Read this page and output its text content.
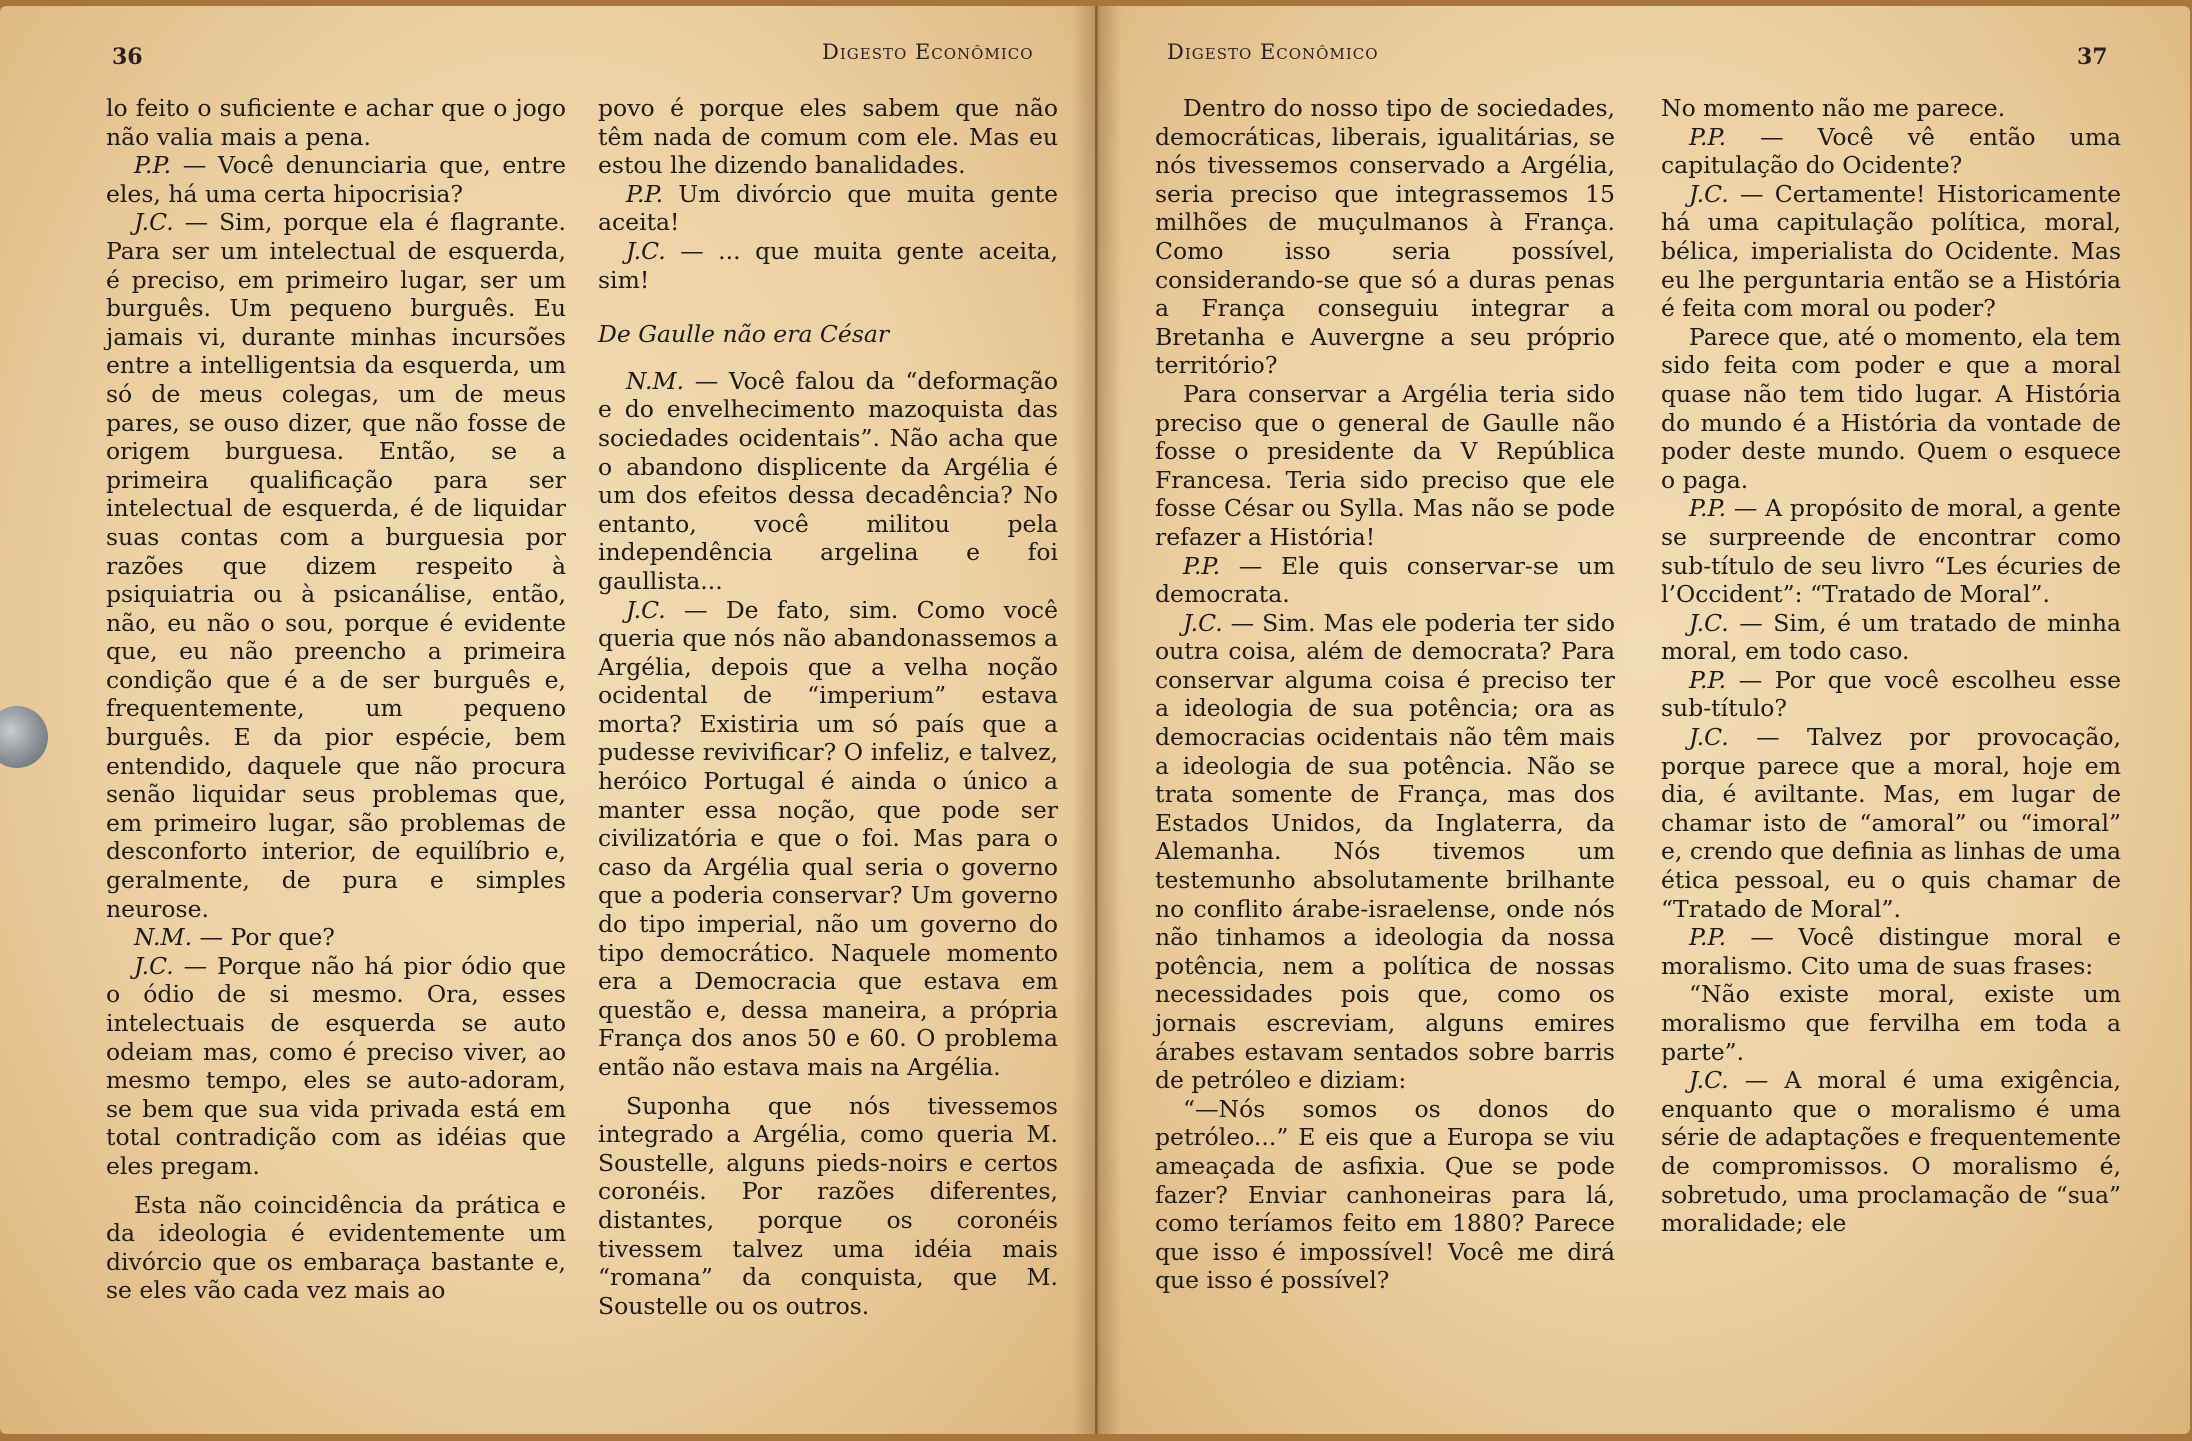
36	Digesto Econômico

lo feito o suficiente e achar que o jogo não valia mais a pena.

P.P. — Você denunciaria que, entre eles, há uma certa hipocrisia?

J.C. — Sim, porque ela é flagrante. Para ser um intelectual de esquerda, é preciso, em primeiro lugar, ser um burguês. Um pequeno burguês. Eu jamais vi, durante minhas incursões entre a intelligentsia da esquerda, um só de meus colegas, um de meus pares, se ouso dizer, que não fosse de origem burguesa. Então, se a primeira qualificação para ser intelectual de esquerda, é de liquidar suas contas com a burguesia por razões que dizem respeito à psiquiatria ou à psicanálise, então, não, eu não o sou, porque é evidente que, eu não preencho a primeira condição que é a de ser burguês e, frequentemente, um pequeno burguês. E da pior espécie, bem entendido, daquele que não procura senão liquidar seus problemas que, em primeiro lugar, são problemas de desconforto interior, de equilíbrio e, geralmente, de pura e simples neurose.

N.M. — Por que?

J.C. — Porque não há pior ódio que o ódio de si mesmo. Ora, esses intelectuais de esquerda se auto odeiam mas, como é preciso viver, ao mesmo tempo, eles se auto-adoram, se bem que sua vida privada está em total contradição com as idéias que eles pregam.

Esta não coincidência da prática e da ideologia é evidentemente um divórcio que os embaraça bastante e, se eles vão cada vez mais ao

povo é porque eles sabem que não têm nada de comum com ele. Mas eu estou lhe dizendo banalidades.

P.P. Um divórcio que muita gente aceita!

J.C. — ... que muita gente aceita, sim!

De Gaulle não era César

N.M. — Você falou da “deformação e do envelhecimento mazoquista das sociedades ocidentais”. Não acha que o abandono displicente da Argélia é um dos efeitos dessa decadência? No entanto, você militou pela independência argelina e foi gaullista...

J.C. — De fato, sim. Como você queria que nós não abandonassemos a Argélia, depois que a velha noção ocidental de “imperium” estava morta? Existiria um só país que a pudesse revivificar? O infeliz, e talvez, heróico Portugal é ainda o único a manter essa noção, que pode ser civilizatória e que o foi. Mas para o caso da Argélia qual seria o governo que a poderia conservar? Um governo do tipo imperial, não um governo do tipo democrático. Naquele momento era a Democracia que estava em questão e, dessa maneira, a própria França dos anos 50 e 60. O problema então não estava mais na Argélia.

Suponha que nós tivessemos integrado a Argélia, como queria M. Soustelle, alguns pieds-noirs e certos coronéis. Por razões diferentes, distantes, porque os coronéis tivessem talvez uma idéia mais “romana” da conquista, que M. Soustelle ou os outros.

37
Digesto Econômico

Dentro do nosso tipo de sociedades, democráticas, liberais, igualitárias, se nós tivessemos conservado a Argélia, seria preciso que integrassemos 15 milhões de muçulmanos à França. Como isso seria possível, considerando-se que só a duras penas a França conseguiu integrar a Bretanha e Auvergne a seu próprio território?

Para conservar a Argélia teria sido preciso que o general de Gaulle não fosse o presidente da V República Francesa. Teria sido preciso que ele fosse César ou Sylla. Mas não se pode refazer a História!

P.P. — Ele quis conservar-se um democrata.

J.C. — Sim. Mas ele poderia ter sido outra coisa, além de democrata? Para conservar alguma coisa é preciso ter a ideologia de sua potência; ora as democracias ocidentais não têm mais a ideologia de sua potência. Não se trata somente de França, mas dos Estados Unidos, da Inglaterra, da Alemanha. Nós tivemos um testemunho absolutamente brilhante no conflito árabe-israelense, onde nós não tinhamos a ideologia da nossa potência, nem a política de nossas necessidades pois que, como os jornais escreviam, alguns emires árabes estavam sentados sobre barris de petróleo e diziam:

“—Nós somos os donos do petróleo...” E eis que a Europa se viu ameaçada de asfixia. Que se pode fazer? Enviar canhoneiras para lá, como teríamos feito em 1880? Parece que isso é impossível! Você me dirá que isso é possível?

No momento não me parece.

P.P. — Você vê então uma capitulação do Ocidente?

J.C. — Certamente! Historicamente há uma capitulação política, moral, bélica, imperialista do Ocidente. Mas eu lhe perguntaria então se a História é feita com moral ou poder?

Parece que, até o momento, ela tem sido feita com poder e que a moral quase não tem tido lugar. A História do mundo é a História da vontade de poder deste mundo. Quem o esquece o paga.

P.P. — A propósito de moral, a gente se surpreende de encontrar como sub-título de seu livro “Les écuries de l’Occident”: “Tratado de Moral”.

J.C. — Sim, é um tratado de minha moral, em todo caso.

P.P. — Por que você escolheu esse sub-título?

J.C. — Talvez por provocação, porque parece que a moral, hoje em dia, é aviltante. Mas, em lugar de chamar isto de “amoral” ou “imoral” e, crendo que definia as linhas de uma ética pessoal, eu o quis chamar de “Tratado de Moral”.

P.P. — Você distingue moral e moralismo. Cito uma de suas frases:

“Não existe moral, existe um moralismo que fervilha em toda a parte”.

J.C. — A moral é uma exigência, enquanto que o moralismo é uma série de adaptações e frequentemente de compromissos. O moralismo é, sobretudo, uma proclamação de “sua” moralidade; ele
